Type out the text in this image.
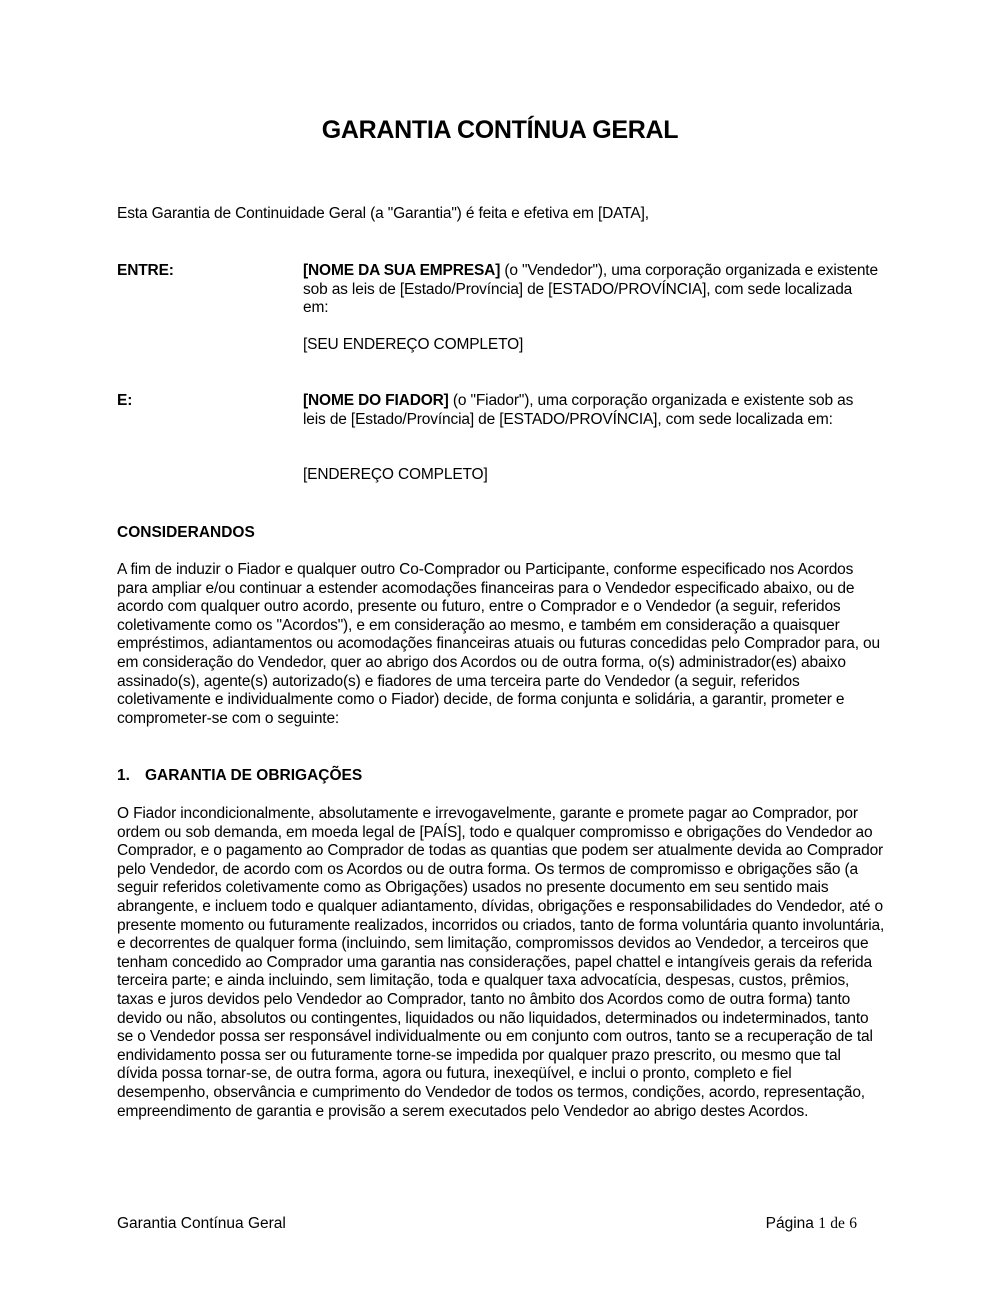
GARANTIA CONTÍNUA GERAL

Esta Garantia de Continuidade Geral (a "Garantia") é feita e efetiva em [DATA],

ENTRE:	[NOME DA SUA EMPRESA] (o "Vendedor"), uma corporação organizada e existente sob as leis de [Estado/Província] de [ESTADO/PROVÍNCIA], com sede localizada em:

[SEU ENDEREÇO COMPLETO]

E:	[NOME DO FIADOR] (o "Fiador"), uma corporação organizada e existente sob as leis de [Estado/Província] de [ESTADO/PROVÍNCIA], com sede localizada em:

[ENDEREÇO COMPLETO]

CONSIDERANDOS

A fim de induzir o Fiador e qualquer outro Co-Comprador ou Participante, conforme especificado nos Acordos para ampliar e/ou continuar a estender acomodações financeiras para o Vendedor especificado abaixo, ou de acordo com qualquer outro acordo, presente ou futuro, entre o Comprador e o Vendedor (a seguir, referidos coletivamente como os "Acordos"), e em consideração ao mesmo, e também em consideração a quaisquer empréstimos, adiantamentos ou acomodações financeiras atuais ou futuras concedidas pelo Comprador para, ou em consideração do Vendedor, quer ao abrigo dos Acordos ou de outra forma, o(s) administrador(es) abaixo assinado(s), agente(s) autorizado(s) e fiadores de uma terceira parte do Vendedor (a seguir, referidos coletivamente e individualmente como o Fiador) decide, de forma conjunta e solidária, a garantir, prometer e comprometer-se com o seguinte:

1. GARANTIA DE OBRIGAÇÕES

O Fiador incondicionalmente, absolutamente e irrevogavelmente, garante e promete pagar ao Comprador, por ordem ou sob demanda, em moeda legal de [PAÍS], todo e qualquer compromisso e obrigações do Vendedor ao Comprador, e o pagamento ao Comprador de todas as quantias que podem ser atualmente devida ao Comprador pelo Vendedor, de acordo com os Acordos ou de outra forma. Os termos de compromisso e obrigações são (a seguir referidos coletivamente como as Obrigações) usados no presente documento em seu sentido mais abrangente, e incluem todo e qualquer adiantamento, dívidas, obrigações e responsabilidades do Vendedor, até o presente momento ou futuramente realizados, incorridos ou criados, tanto de forma voluntária quanto involuntária, e decorrentes de qualquer forma (incluindo, sem limitação, compromissos devidos ao Vendedor, a terceiros que tenham concedido ao Comprador uma garantia nas considerações, papel chattel e intangíveis gerais da referida terceira parte; e ainda incluindo, sem limitação, toda e qualquer taxa advocatícia, despesas, custos, prêmios, taxas e juros devidos pelo Vendedor ao Comprador, tanto no âmbito dos Acordos como de outra forma) tanto devido ou não, absolutos ou contingentes, liquidados ou não liquidados, determinados ou indeterminados, tanto se o Vendedor possa ser responsável individualmente ou em conjunto com outros, tanto se a recuperação de tal endividamento possa ser ou futuramente torne-se impedida por qualquer prazo prescrito, ou mesmo que tal dívida possa tornar-se, de outra forma, agora ou futura, inexeqüível, e inclui o pronto, completo e fiel desempenho, observância e cumprimento do Vendedor de todos os termos, condições, acordo, representação, empreendimento de garantia e provisão a serem executados pelo Vendedor ao abrigo destes Acordos.

Garantia Contínua Geral	Página 1 de 6
